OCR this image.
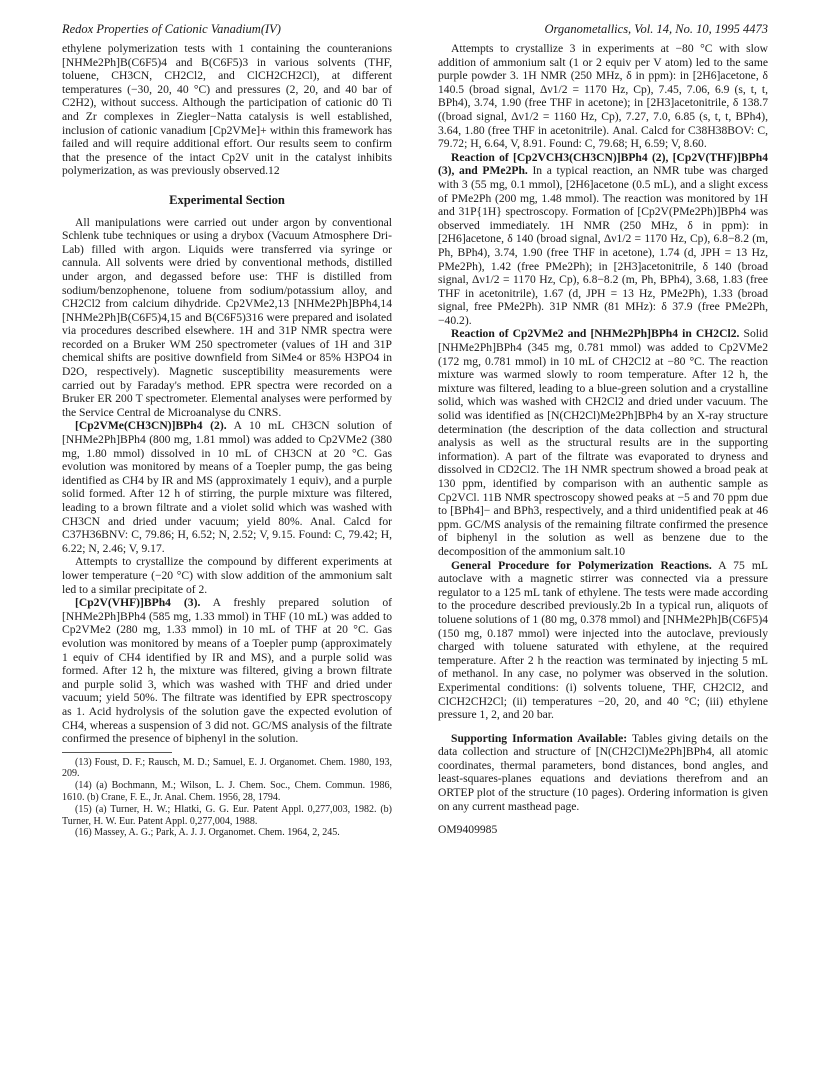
Redox Properties of Cationic Vanadium(IV)	Organometallics, Vol. 14, No. 10, 1995 4473

ethylene polymerization tests with 1 containing the counteranions [NHMe2Ph]B(C6F5)4 and B(C6F5)3 in various solvents (THF, toluene, CH3CN, CH2Cl2, and ClCH2CH2Cl), at different temperatures (−30, 20, 40 °C) and pressures (2, 20, and 40 bar of C2H2), without success. Although the participation of cationic d0 Ti and Zr complexes in Ziegler−Natta catalysis is well established, inclusion of cationic vanadium [Cp2VMe]+ within this framework has failed and will require additional effort. Our results seem to confirm that the presence of the intact Cp2V unit in the catalyst inhibits polymerization, as was previously observed.12

Experimental Section

All manipulations were carried out under argon by conventional Schlenk tube techniques or using a drybox (Vacuum Atmosphere Dri-Lab) filled with argon. Liquids were transferred via syringe or cannula. All solvents were dried by conventional methods, distilled under argon, and degassed before use: THF is distilled from sodium/benzophenone, toluene from sodium/potassium alloy, and CH2Cl2 from calcium dihydride. Cp2VMe2,13 [NHMe2Ph]BPh4,14 [NHMe2Ph]B(C6F5)4,15 and B(C6F5)316 were prepared and isolated via procedures described elsewhere. 1H and 31P NMR spectra were recorded on a Bruker WM 250 spectrometer (values of 1H and 31P chemical shifts are positive downfield from SiMe4 or 85% H3PO4 in D2O, respectively). Magnetic susceptibility measurements were carried out by Faraday's method. EPR spectra were recorded on a Bruker ER 200 T spectrometer. Elemental analyses were performed by the Service Central de Microanalyse du CNRS.

[Cp2VMe(CH3CN)]BPh4 (2). A 10 mL CH3CN solution of [NHMe2Ph]BPh4 (800 mg, 1.81 mmol) was added to Cp2VMe2 (380 mg, 1.80 mmol) dissolved in 10 mL of CH3CN at 20 °C. Gas evolution was monitored by means of a Toepler pump, the gas being identified as CH4 by IR and MS (approximately 1 equiv), and a purple solid formed. After 12 h of stirring, the purple mixture was filtered, leading to a brown filtrate and a violet solid which was washed with CH3CN and dried under vacuum; yield 80%. Anal. Calcd for C37H36BNV: C, 79.86; H, 6.52; N, 2.52; V, 9.15. Found: C, 79.42; H, 6.22; N, 2.46; V, 9.17.

Attempts to crystallize the compound by different experiments at lower temperature (−20 °C) with slow addition of the ammonium salt led to a similar precipitate of 2.

[Cp2V(VHF)]BPh4 (3). A freshly prepared solution of [NHMe2Ph]BPh4 (585 mg, 1.33 mmol) in THF (10 mL) was added to Cp2VMe2 (280 mg, 1.33 mmol) in 10 mL of THF at 20 °C. Gas evolution was monitored by means of a Toepler pump (approximately 1 equiv of CH4 identified by IR and MS), and a purple solid was formed. After 12 h, the mixture was filtered, giving a brown filtrate and purple solid 3, which was washed with THF and dried under vacuum; yield 50%. The filtrate was identified by EPR spectroscopy as 1. Acid hydrolysis of the solution gave the expected evolution of CH4, whereas a suspension of 3 did not. GC/MS analysis of the filtrate confirmed the presence of biphenyl in the solution.

(13) Foust, D. F.; Rausch, M. D.; Samuel, E. J. Organomet. Chem. 1980, 193, 209.

(14) (a) Bochmann, M.; Wilson, L. J. Chem. Soc., Chem. Commun. 1986, 1610. (b) Crane, F. E., Jr. Anal. Chem. 1956, 28, 1794.

(15) (a) Turner, H. W.; Hlatki, G. G. Eur. Patent Appl. 0,277,003, 1982. (b) Turner, H. W. Eur. Patent Appl. 0,277,004, 1988.

(16) Massey, A. G.; Park, A. J. J. Organomet. Chem. 1964, 2, 245.

Attempts to crystallize 3 in experiments at −80 °C with slow addition of ammonium salt (1 or 2 equiv per V atom) led to the same purple powder 3. 1H NMR (250 MHz, δ in ppm): in [2H6]acetone, δ 140.5 (broad signal, Δν1/2 = 1170 Hz, Cp), 7.45, 7.06, 6.9 (s, t, t, BPh4), 3.74, 1.90 (free THF in acetone); in [2H3]acetonitrile, δ 138.7 ((broad signal, Δν1/2 = 1160 Hz, Cp), 7.27, 7.0, 6.85 (s, t, t, BPh4), 3.64, 1.80 (free THF in acetonitrile). Anal. Calcd for C38H38BOV: C, 79.72; H, 6.64, V, 8.91. Found: C, 79.68; H, 6.59; V, 8.60.

Reaction of [Cp2VCH3(CH3CN)]BPh4 (2), [Cp2V(THF)]BPh4 (3), and PMe2Ph. In a typical reaction, an NMR tube was charged with 3 (55 mg, 0.1 mmol), [2H6]acetone (0.5 mL), and a slight excess of PMe2Ph (200 mg, 1.48 mmol). The reaction was monitored by 1H and 31P{1H} spectroscopy. Formation of [Cp2V(PMe2Ph)]BPh4 was observed immediately. 1H NMR (250 MHz, δ in ppm): in [2H6]acetone, δ 140 (broad signal, Δν1/2 = 1170 Hz, Cp), 6.8−8.2 (m, Ph, BPh4), 3.74, 1.90 (free THF in acetone), 1.74 (d, JPH = 13 Hz, PMe2Ph), 1.42 (free PMe2Ph); in [2H3]acetonitrile, δ 140 (broad signal, Δν1/2 = 1170 Hz, Cp), 6.8−8.2 (m, Ph, BPh4), 3.68, 1.83 (free THF in acetonitrile), 1.67 (d, JPH = 13 Hz, PMe2Ph), 1.33 (broad signal, free PMe2Ph). 31P NMR (81 MHz): δ 37.9 (free PMe2Ph, −40.2).

Reaction of Cp2VMe2 and [NHMe2Ph]BPh4 in CH2Cl2. Solid [NHMe2Ph]BPh4 (345 mg, 0.781 mmol) was added to Cp2VMe2 (172 mg, 0.781 mmol) in 10 mL of CH2Cl2 at −80 °C. The reaction mixture was warmed slowly to room temperature. After 12 h, the mixture was filtered, leading to a blue-green solution and a crystalline solid, which was washed with CH2Cl2 and dried under vacuum. The solid was identified as [N(CH2Cl)Me2Ph]BPh4 by an X-ray structure determination (the description of the data collection and structural analysis as well as the structural results are in the supporting information). A part of the filtrate was evaporated to dryness and dissolved in CD2Cl2. The 1H NMR spectrum showed a broad peak at 130 ppm, identified by comparison with an authentic sample as Cp2VCl. 11B NMR spectroscopy showed peaks at −5 and 70 ppm due to [BPh4]− and BPh3, respectively, and a third unidentified peak at 46 ppm. GC/MS analysis of the remaining filtrate confirmed the presence of biphenyl in the solution as well as benzene due to the decomposition of the ammonium salt.10

General Procedure for Polymerization Reactions. A 75 mL autoclave with a magnetic stirrer was connected via a pressure regulator to a 125 mL tank of ethylene. The tests were made according to the procedure described previously.2b In a typical run, aliquots of toluene solutions of 1 (80 mg, 0.378 mmol) and [NHMe2Ph]B(C6F5)4 (150 mg, 0.187 mmol) were injected into the autoclave, previously charged with toluene saturated with ethylene, at the required temperature. After 2 h the reaction was terminated by injecting 5 mL of methanol. In any case, no polymer was observed in the solution. Experimental conditions: (i) solvents toluene, THF, CH2Cl2, and ClCH2CH2Cl; (ii) temperatures −20, 20, and 40 °C; (iii) ethylene pressure 1, 2, and 20 bar.

Supporting Information Available: Tables giving details on the data collection and structure of [N(CH2Cl)Me2Ph]BPh4, all atomic coordinates, thermal parameters, bond distances, bond angles, and least-squares-planes equations and deviations therefrom and an ORTEP plot of the structure (10 pages). Ordering information is given on any current masthead page.

OM9409985
